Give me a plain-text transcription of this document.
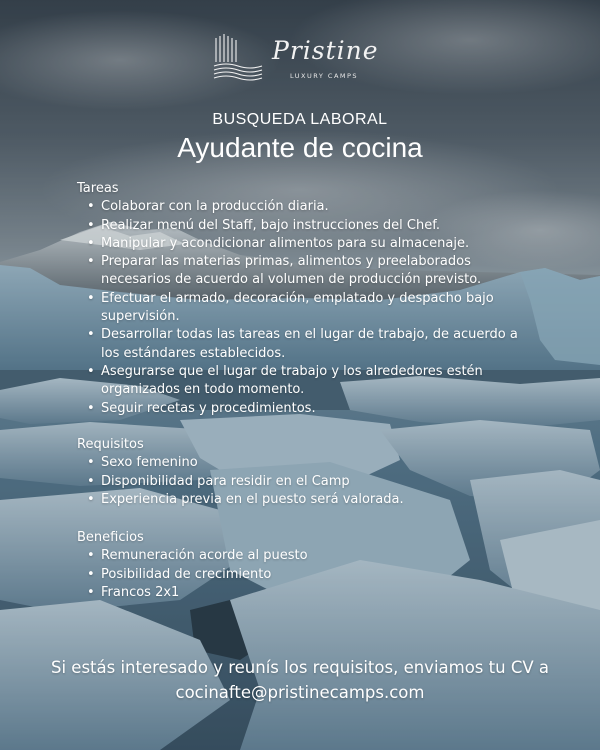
Pristine
LUXURY CAMPS
BUSQUEDA LABORAL
Ayudante de cocina
Tareas
• Colaborar con la producción diaria.
• Realizar menú del Staff, bajo instrucciones del Chef.
• Manipular y acondicionar alimentos para su almacenaje.
• Preparar las materias primas, alimentos y preelaborados necesarios de acuerdo al volumen de producción previsto.
• Efectuar el armado, decoración, emplatado y despacho bajo supervisión.
• Desarrollar todas las tareas en el lugar de trabajo, de acuerdo a los estándares establecidos.
• Asegurarse que el lugar de trabajo y los alrededores estén organizados en todo momento.
• Seguir recetas y procedimientos.
Requisitos
• Sexo femenino
• Disponibilidad para residir en el Camp
• Experiencia previa en el puesto será valorada.
Beneficios
• Remuneración acorde al puesto
• Posibilidad de crecimiento
• Francos 2x1
Si estás interesado y reunís los requisitos, enviamos tu CV a
cocinafte@pristinecamps.com
